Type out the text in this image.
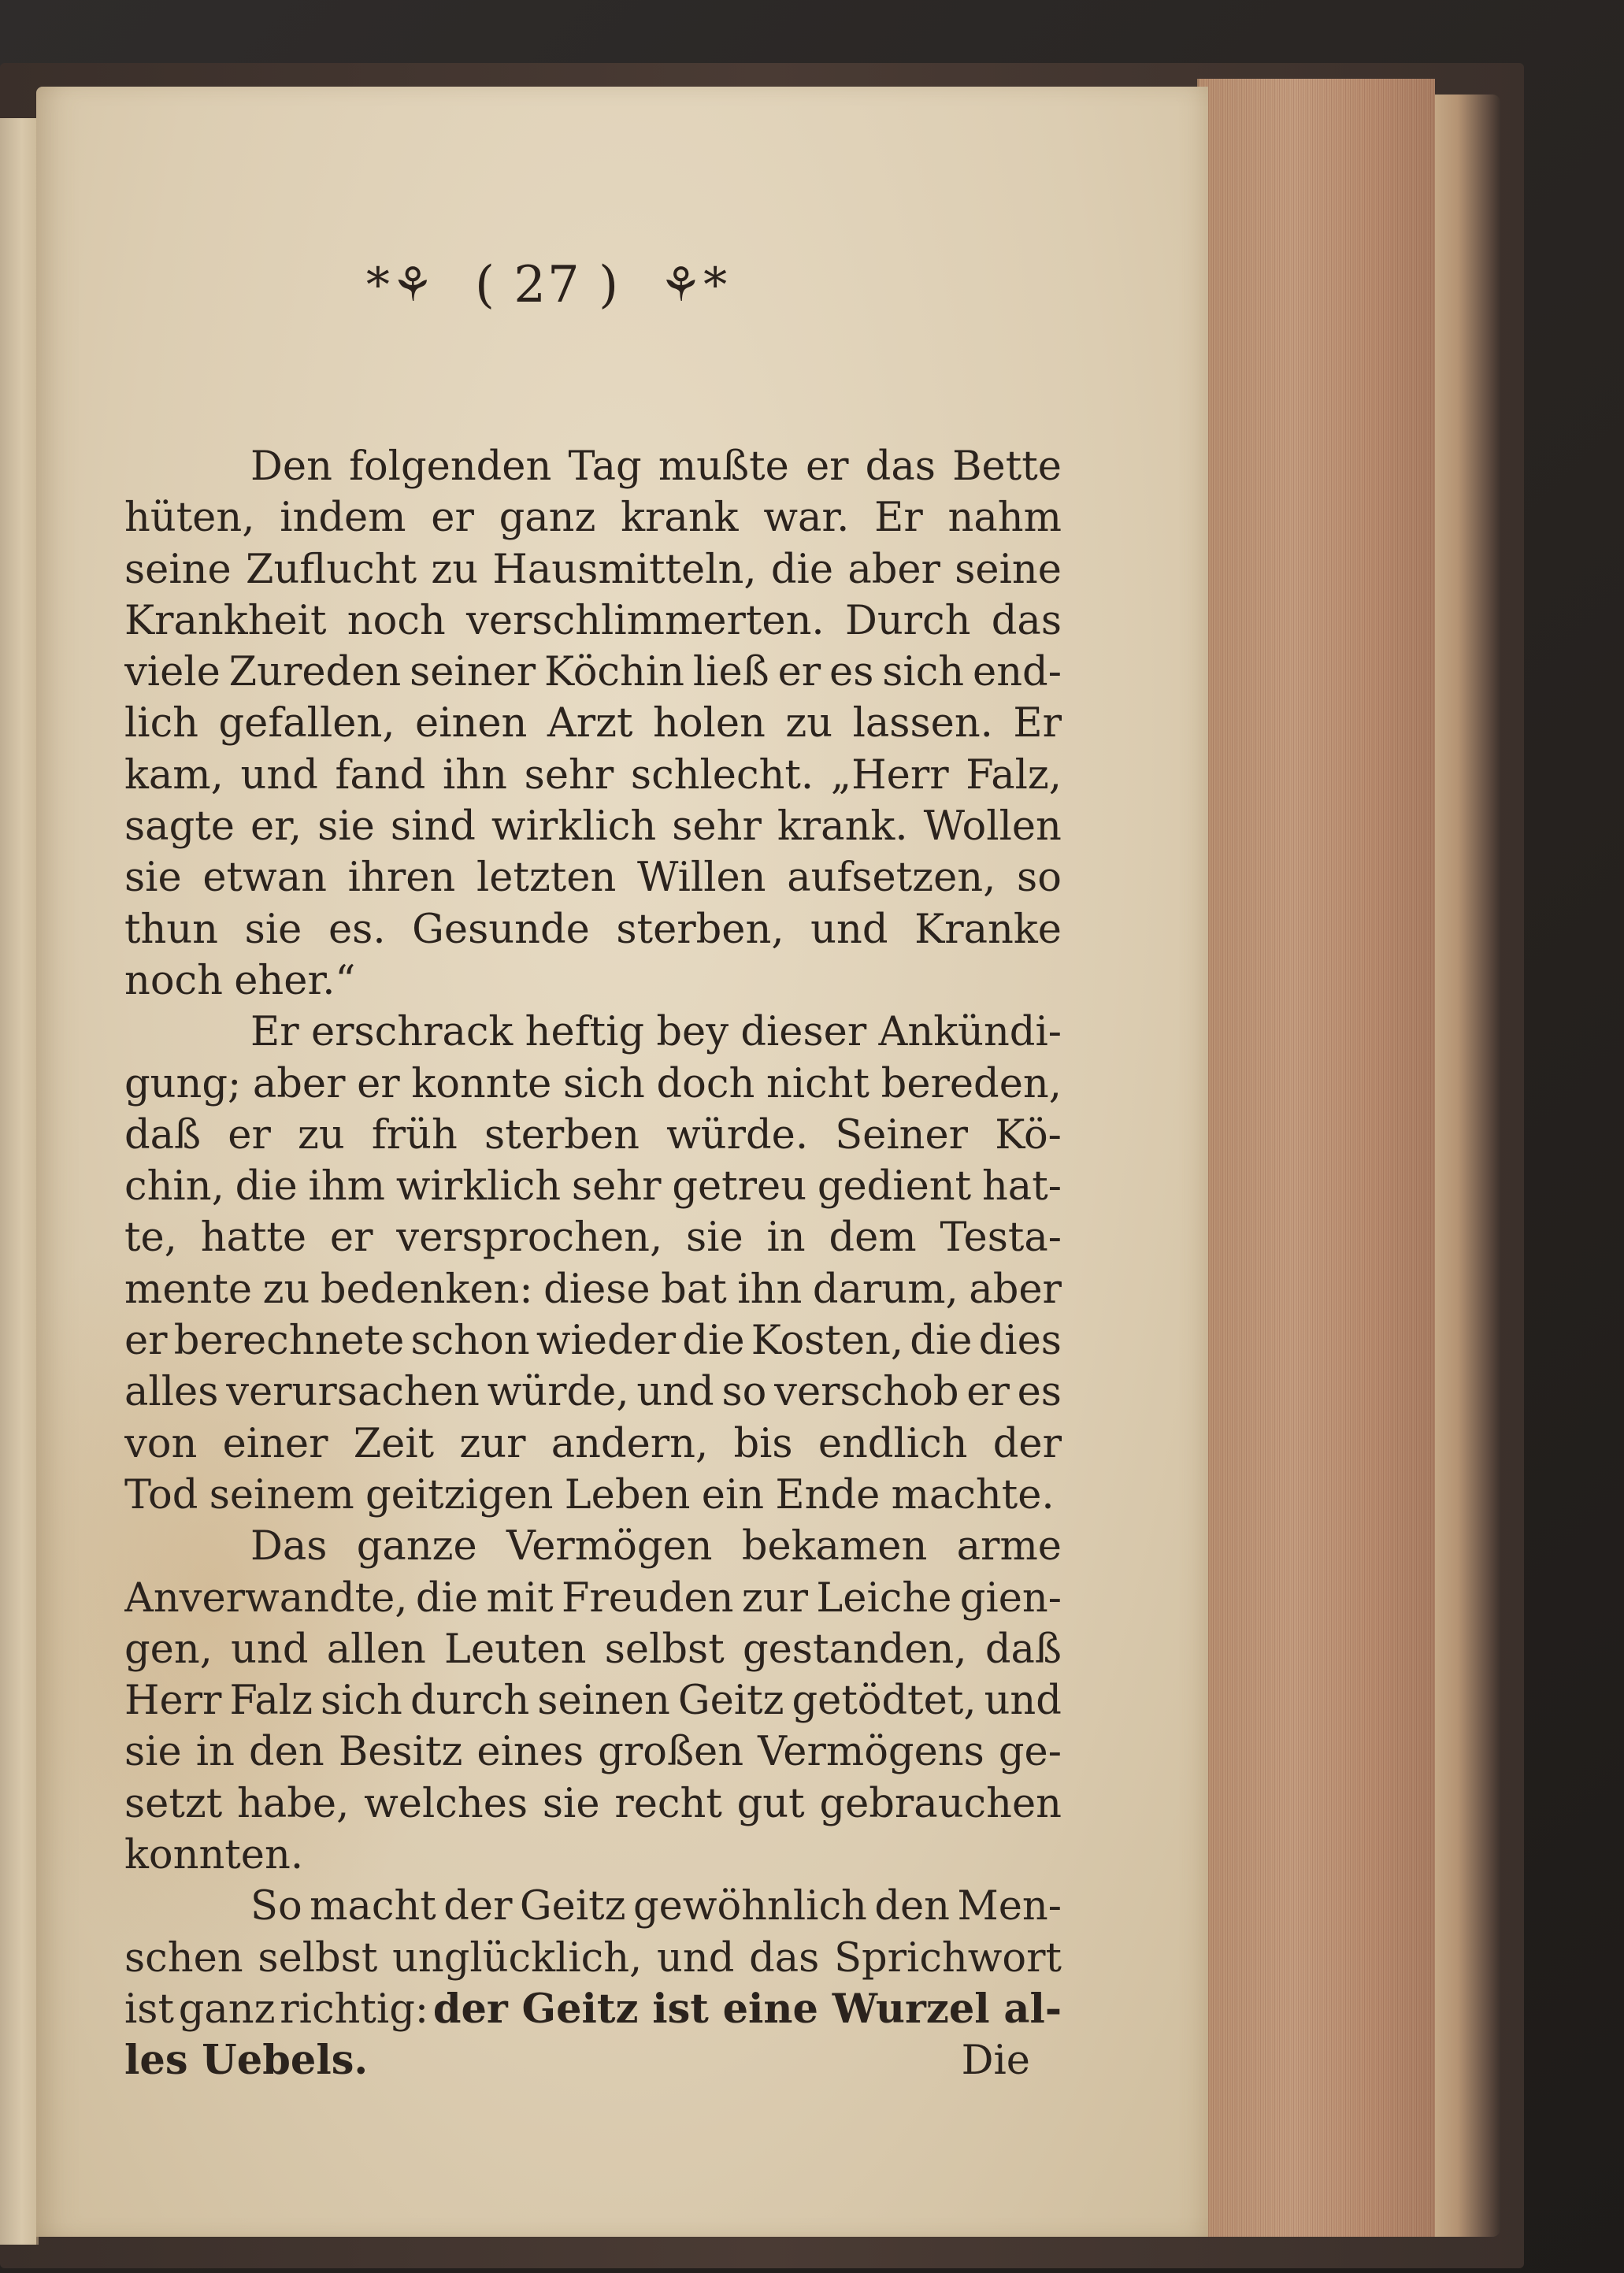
*⚘ ( 27 ) ⚘*
Den folgenden Tag mußte er das Bette
hüten, indem er ganz krank war. Er nahm
seine Zuflucht zu Hausmitteln, die aber seine
Krankheit noch verschlimmerten. Durch das
viele Zureden seiner Köchin ließ er es sich end-
lich gefallen, einen Arzt holen zu lassen. Er
kam, und fand ihn sehr schlecht. „Herr Falz,
sagte er, sie sind wirklich sehr krank. Wollen
sie etwan ihren letzten Willen aufsetzen, so
thun sie es. Gesunde sterben, und Kranke
noch eher.“
Er erschrack heftig bey dieser Ankündi-
gung; aber er konnte sich doch nicht bereden,
daß er zu früh sterben würde. Seiner Kö-
chin, die ihm wirklich sehr getreu gedient hat-
te, hatte er versprochen, sie in dem Testa-
mente zu bedenken: diese bat ihn darum, aber
er berechnete schon wieder die Kosten, die dies
alles verursachen würde, und so verschob er es
von einer Zeit zur andern, bis endlich der
Tod seinem geitzigen Leben ein Ende machte.
Das ganze Vermögen bekamen arme
Anverwandte, die mit Freuden zur Leiche gien-
gen, und allen Leuten selbst gestanden, daß
Herr Falz sich durch seinen Geitz getödtet, und
sie in den Besitz eines großen Vermögens ge-
setzt habe, welches sie recht gut gebrauchen
konnten.
So macht der Geitz gewöhnlich den Men-
schen selbst unglücklich, und das Sprichwort
ist ganz richtig: der Geitz ist eine Wurzel al-
les Uebels.	Die
